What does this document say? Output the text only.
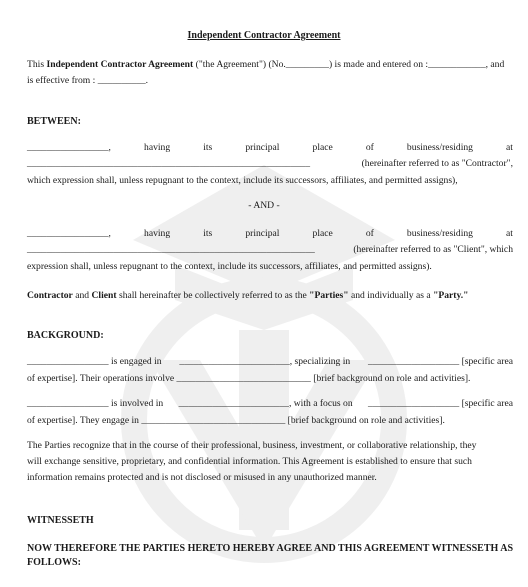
Independent Contractor Agreement
This Independent Contractor Agreement ("the Agreement") (No._________) is made and entered on :____________, and
is effective from : __________.
BETWEEN:
_________________,	having	its	principal	place	of	business/residing	at
___________________________________________________________	(hereinafter referred to as "Contractor",
which expression shall, unless repugnant to the context, include its successors, affiliates, and permitted assigns),
- AND -
_________________,	having	its	principal	place	of	business/residing	at
____________________________________________________________	(hereinafter referred to as "Client", which
expression shall, unless repugnant to the context, include its successors, affiliates, and permitted assigns).
Contractor and Client shall hereinafter be collectively referred to as the "Parties" and individually as a "Party."
BACKGROUND:
_________________ is engaged in _______________________, specializing in ___________________ [specific area
of expertise]. Their operations involve ____________________________ [brief background on role and activities].
_________________ is involved in _______________________, with a focus on ___________________ [specific area
of expertise]. They engage in ______________________________ [brief background on role and activities].
The Parties recognize that in the course of their professional, business, investment, or collaborative relationship, they
will exchange sensitive, proprietary, and confidential information. This Agreement is established to ensure that such
information remains protected and is not disclosed or misused in any unauthorized manner.
WITNESSETH
NOW THEREFORE THE PARTIES HERETO HEREBY AGREE AND THIS AGREEMENT WITNESSETH AS
FOLLOWS:
